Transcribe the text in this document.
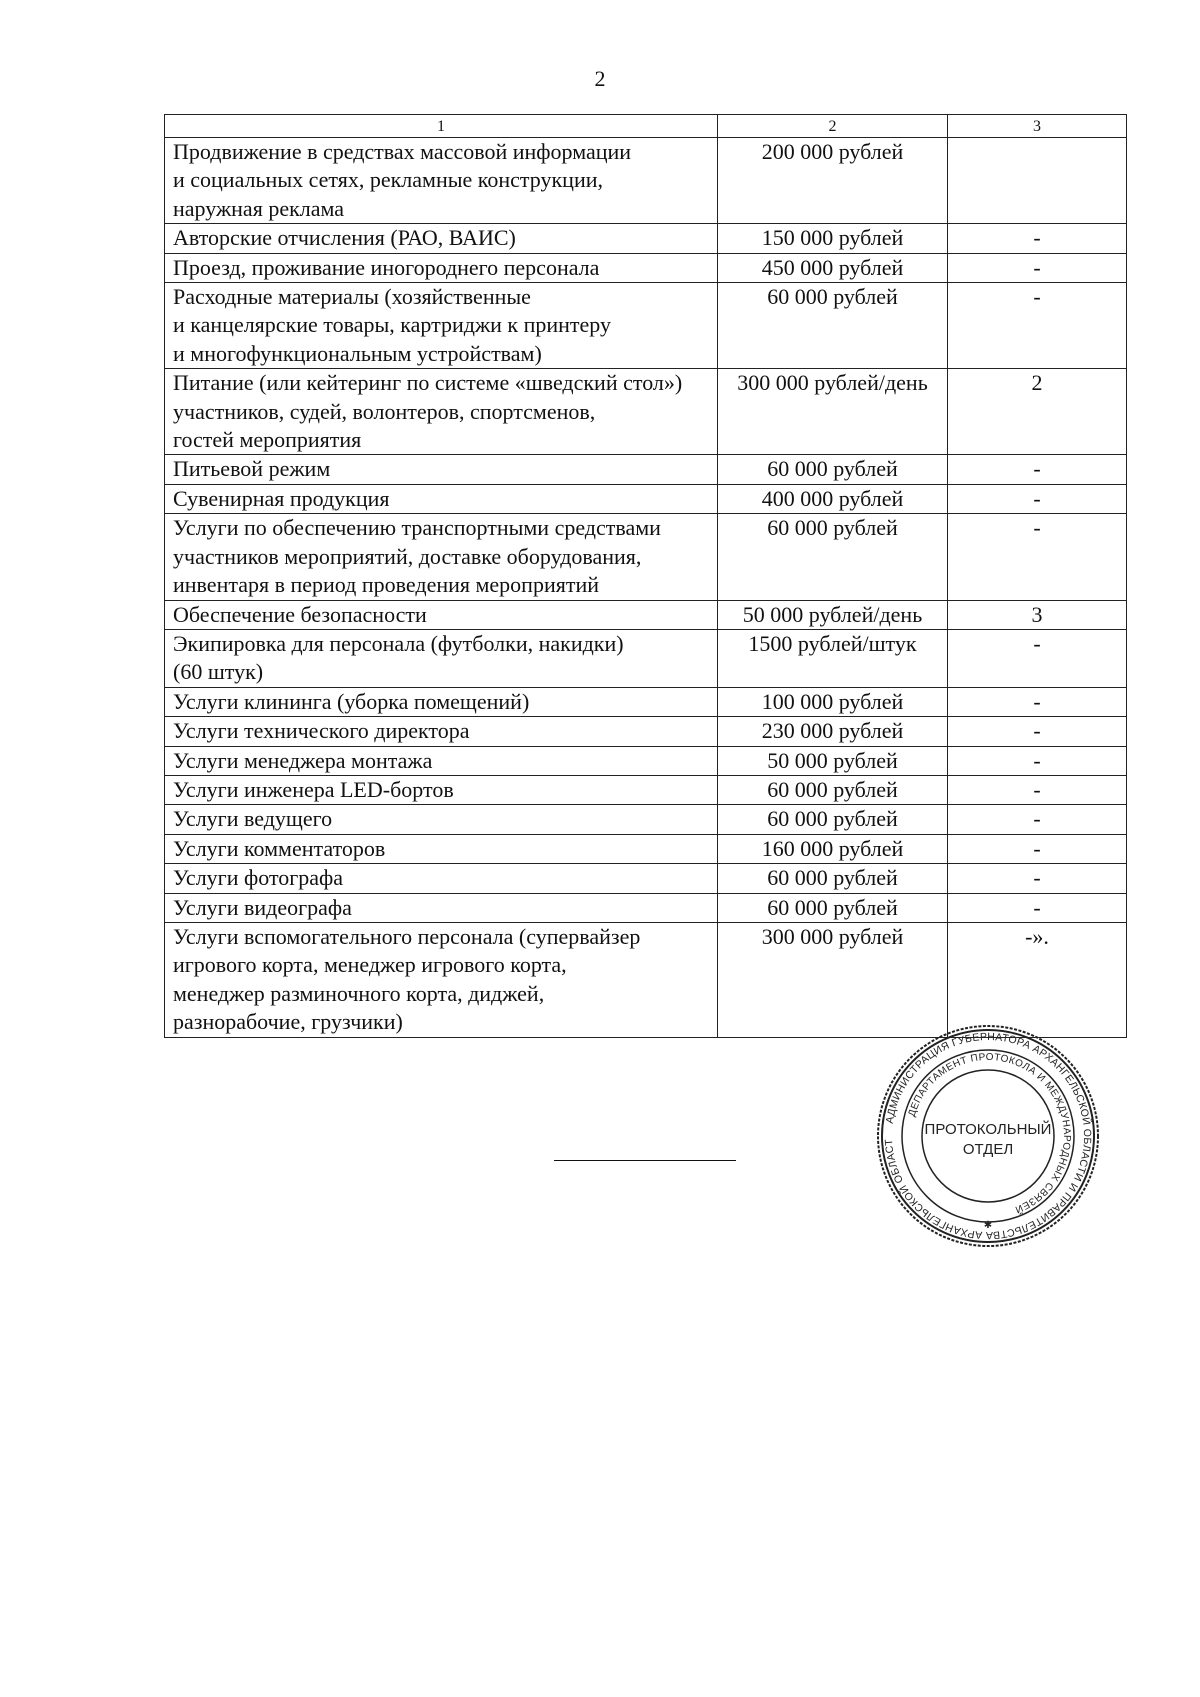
2
1	2	3
Продвижение в средствах массовой информации
и социальных сетях, рекламные конструкции,
наружная реклама	200 000 рублей	
Авторские отчисления (РАО, ВАИС)	150 000 рублей	-
Проезд, проживание иногороднего персонала	450 000 рублей	-
Расходные материалы (хозяйственные
и канцелярские товары, картриджи к принтеру
и многофункциональным устройствам)	60 000 рублей	-
Питание (или кейтеринг по системе «шведский стол»)
участников, судей, волонтеров, спортсменов,
гостей мероприятия	300 000 рублей/день	2
Питьевой режим	60 000 рублей	-
Сувенирная продукция	400 000 рублей	-
Услуги по обеспечению транспортными средствами
участников мероприятий, доставке оборудования,
инвентаря в период проведения мероприятий	60 000 рублей	-
Обеспечение безопасности	50 000 рублей/день	3
Экипировка для персонала (футболки, накидки)
(60 штук)	1500 рублей/штук	-
Услуги клининга (уборка помещений)	100 000 рублей	-
Услуги технического директора	230 000 рублей	-
Услуги менеджера монтажа	50 000 рублей	-
Услуги инженера LED-бортов	60 000 рублей	-
Услуги ведущего	60 000 рублей	-
Услуги комментаторов	160 000 рублей	-
Услуги фотографа	60 000 рублей	-
Услуги видеографа	60 000 рублей	-
Услуги вспомогательного персонала (супервайзер
игрового корта, менеджер игрового корта,
менеджер разминочного корта, диджей,
разнорабочие, грузчики)	300 000 рублей	-».
АДМИНИСТРАЦИЯ ГУБЕРНАТОРА АРХАНГЕЛЬСКОЙ ОБЛАСТИ И ПРАВИТЕЛЬСТВА АРХАНГЕЛЬСКОЙ ОБЛАСТ
ДЕПАРТАМЕНТ ПРОТОКОЛА И МЕЖДУНАРОДНЫХ СВЯЗЕЙ
ПРОТОКОЛЬНЫЙ
ОТДЕЛ
✱
